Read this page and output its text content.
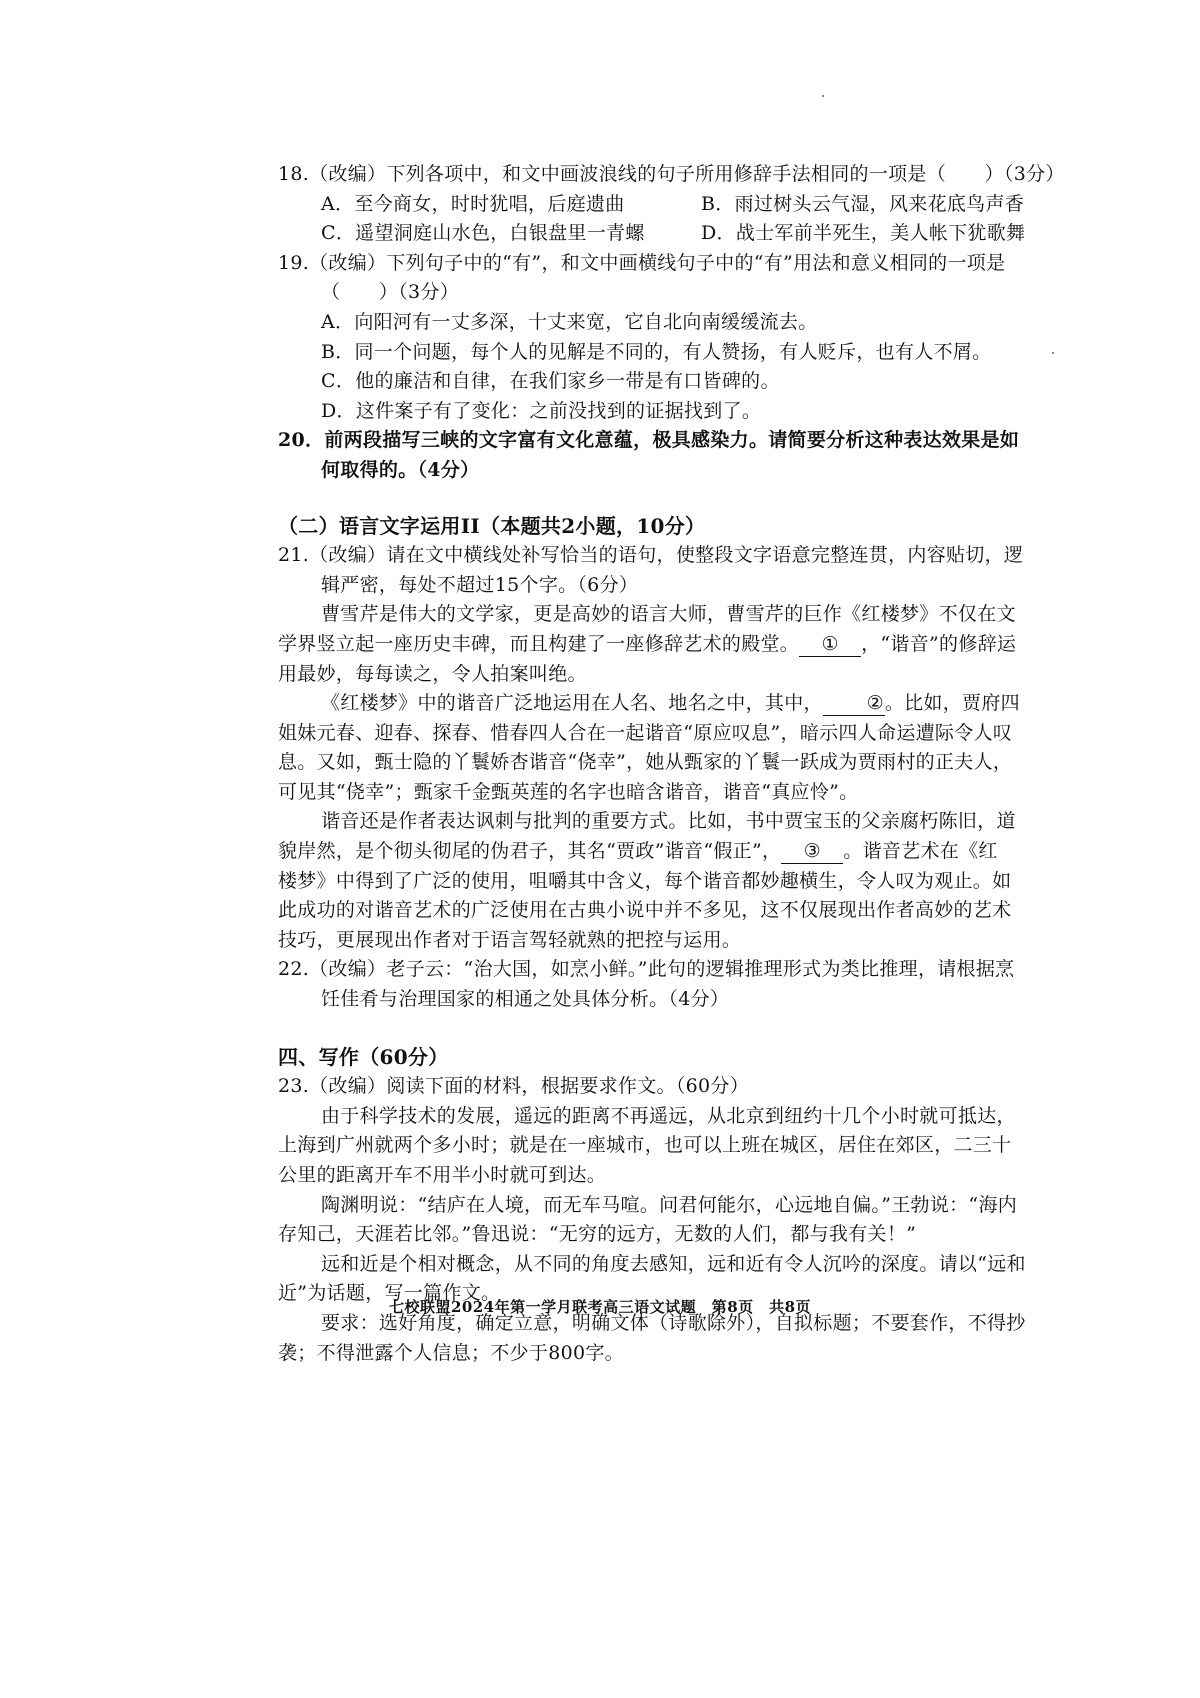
18.（改编）下列各项中，和文中画波浪线的句子所用修辞手法相同的一项是（　　）（3分）
A．至今商女，时时犹唱，后庭遗曲	B．雨过树头云气湿，风来花底鸟声香
C．遥望洞庭山水色，白银盘里一青螺	D．战士军前半死生，美人帐下犹歌舞
19.（改编）下列句子中的“有”，和文中画横线句子中的“有”用法和意义相同的一项是
（　　）（3分）
A．向阳河有一丈多深，十丈来宽，它自北向南缓缓流去。
B．同一个问题，每个人的见解是不同的，有人赞扬，有人贬斥，也有人不屑。
C．他的廉洁和自律，在我们家乡一带是有口皆碑的。
D．这件案子有了变化：之前没找到的证据找到了。
20．前两段描写三峡的文字富有文化意蕴，极具感染力。请简要分析这种表达效果是如
何取得的。（4分）
（二）语言文字运用II（本题共2小题，10分）
21.（改编）请在文中横线处补写恰当的语句，使整段文字语意完整连贯，内容贴切，逻
辑严密，每处不超过15个字。（6分）
曹雪芹是伟大的文学家，更是高妙的语言大师，曹雪芹的巨作《红楼梦》不仅在文
学界竖立起一座历史丰碑，而且构建了一座修辞艺术的殿堂。 ① ，“谐音”的修辞运
用最妙，每每读之，令人拍案叫绝。
《红楼梦》中的谐音广泛地运用在人名、地名之中，其中， ②。比如，贾府四
姐妹元春、迎春、探春、惜春四人合在一起谐音“原应叹息”，暗示四人命运遭际令人叹
息。又如，甄士隐的丫鬟娇杏谐音“侥幸”，她从甄家的丫鬟一跃成为贾雨村的正夫人，
可见其“侥幸”；甄家千金甄英莲的名字也暗含谐音，谐音“真应怜”。
谐音还是作者表达讽刺与批判的重要方式。比如，书中贾宝玉的父亲腐朽陈旧，道
貌岸然，是个彻头彻尾的伪君子，其名“贾政”谐音“假正”， ③ 。谐音艺术在《红
楼梦》中得到了广泛的使用，咀嚼其中含义，每个谐音都妙趣横生，令人叹为观止。如
此成功的对谐音艺术的广泛使用在古典小说中并不多见，这不仅展现出作者高妙的艺术
技巧，更展现出作者对于语言驾轻就熟的把控与运用。
22.（改编）老子云：“治大国，如烹小鲜。”此句的逻辑推理形式为类比推理，请根据烹
饪佳肴与治理国家的相通之处具体分析。（4分）
四、写作（60分）
23.（改编）阅读下面的材料，根据要求作文。（60分）
由于科学技术的发展，遥远的距离不再遥远，从北京到纽约十几个小时就可抵达，
上海到广州就两个多小时；就是在一座城市，也可以上班在城区，居住在郊区，二三十
公里的距离开车不用半小时就可到达。
陶渊明说：“结庐在人境，而无车马喧。问君何能尔，心远地自偏。”王勃说：“海内
存知己，天涯若比邻。”鲁迅说：“无穷的远方，无数的人们，都与我有关！”
远和近是个相对概念，从不同的角度去感知，远和近有令人沉吟的深度。请以“远和
近”为话题，写一篇作文。
要求：选好角度，确定立意，明确文体（诗歌除外），自拟标题；不要套作，不得抄
袭；不得泄露个人信息；不少于800字。
七校联盟2024年第一学月联考高三语文试题　第8页　共8页
